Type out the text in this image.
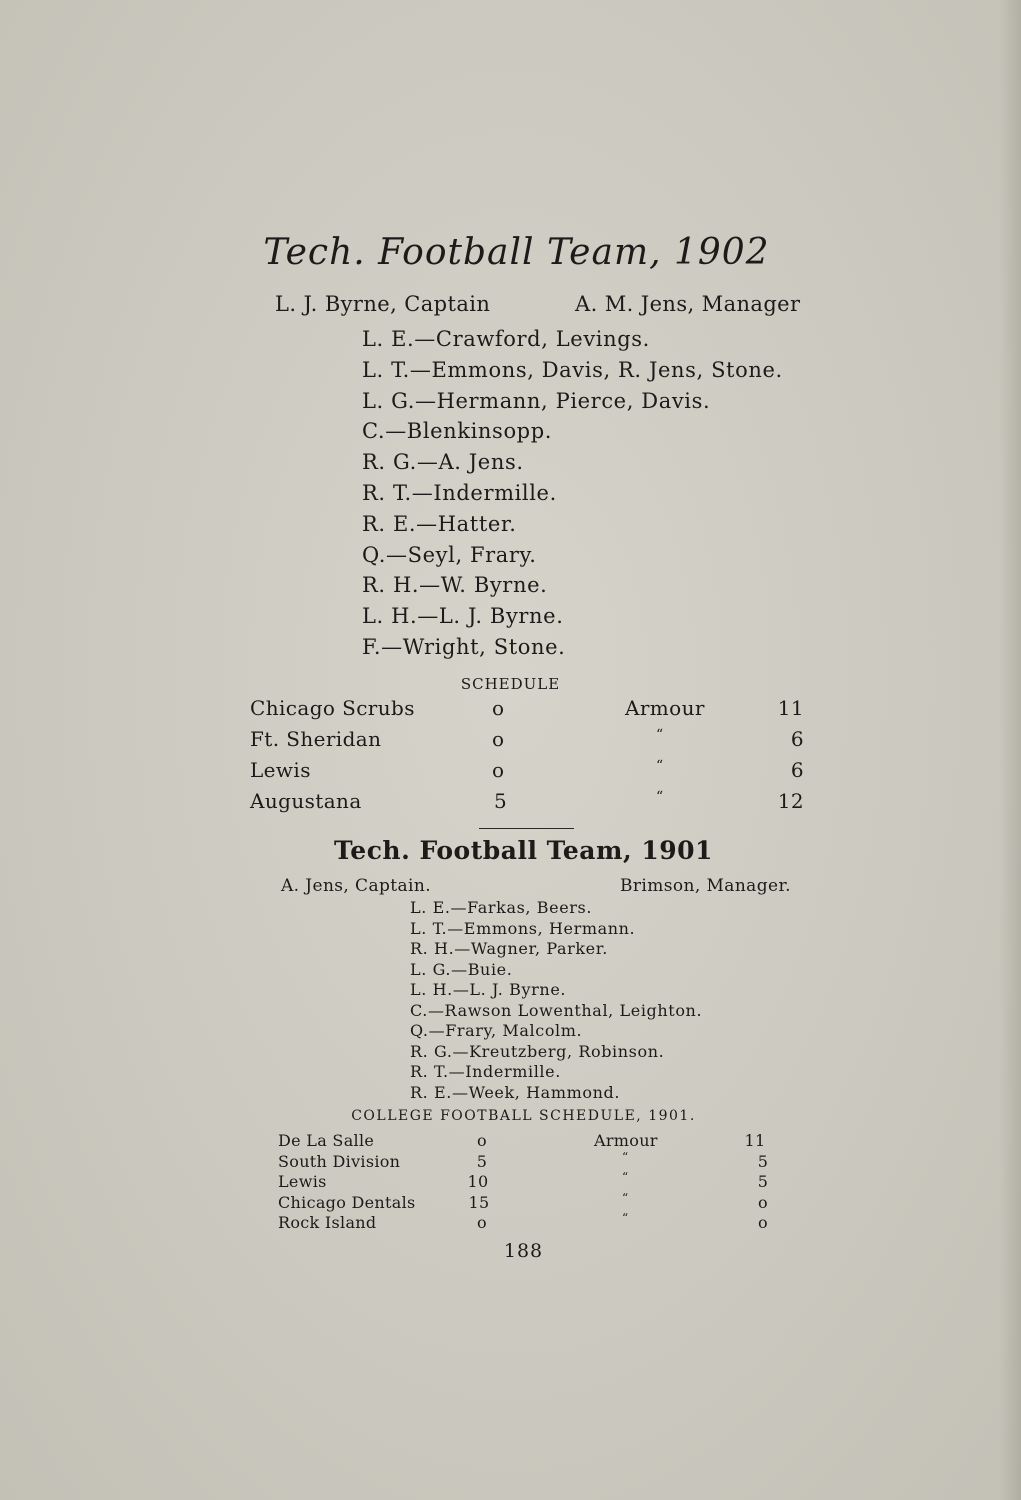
Tech. Football Team, 1902
L. J. Byrne, Captain	A. M. Jens, Manager
L. E.—Crawford, Levings.
L. T.—Emmons, Davis, R. Jens, Stone.
L. G.—Hermann, Pierce, Davis.
C.—Blenkinsopp.
R. G.—A. Jens.
R. T.—Indermille.
R. E.—Hatter.
Q.—Seyl, Frary.
R. H.—W. Byrne.
L. H.—L. J. Byrne.
F.—Wright, Stone.
SCHEDULE
Chicago Scrubs	o	Armour	11
Ft. Sheridan	o	“	6
Lewis	o	“	6
Augustana	5	“	12
Tech. Football Team, 1901
A. Jens, Captain.	Brimson, Manager.
L. E.—Farkas, Beers.
L. T.—Emmons, Hermann.
R. H.—Wagner, Parker.
L. G.—Buie.
L. H.—L. J. Byrne.
C.—Rawson Lowenthal, Leighton.
Q.—Frary, Malcolm.
R. G.—Kreutzberg, Robinson.
R. T.—Indermille.
R. E.—Week, Hammond.
COLLEGE FOOTBALL SCHEDULE, 1901.
De La Salle	o	Armour	11
South Division	5	“	5
Lewis	10	“	5
Chicago Dentals	15	“	o
Rock Island	o	“	o
188
